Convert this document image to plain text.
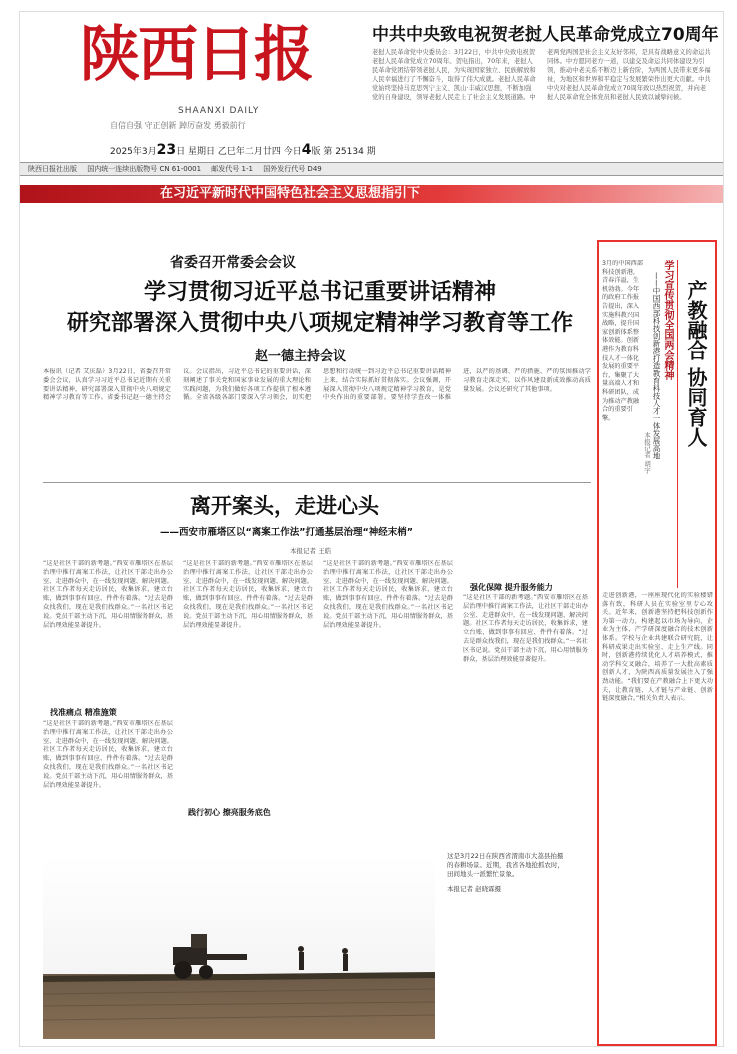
陕西日报
SHAANXI DAILY
自信自强 守正创新 踔厉奋发 勇毅前行
2025年3月23日 星期日 乙巳年二月廿四 今日4版 第 25134 期
中共中央致电祝贺老挝人民革命党成立70周年
老挝人民革命党中央委员会：3月22日，中共中央致电祝贺老挝人民革命党成立70周年。贺电指出，70年来，老挝人民革命党团结带领老挝人民，为实现国家独立、民族解放和人民幸福进行了不懈奋斗，取得了伟大成就。老挝人民革命党始终坚持马克思列宁主义、凯山·丰威汉思想，不断加强党的自身建设，领导老挝人民走上了社会主义发展道路。中老两党两国是社会主义友好邻邦，是具有战略意义的命运共同体。中方愿同老方一道，以建交及命运共同体建设为引领，推动中老关系不断迈上新台阶，为两国人民带来更多福祉，为地区和世界和平稳定与发展繁荣作出更大贡献。中共中央对老挝人民革命党成立70周年致以热烈祝贺，并向老挝人民革命党全体党员和老挝人民致以诚挚问候。
陕西日报社出版 国内统一连续出版物号 CN 61-0001 邮发代号 1-1 国外发行代号 D49
在习近平新时代中国特色社会主义思想指引下
省委召开常委会会议
学习贯彻习近平总书记重要讲话精神
研究部署深入贯彻中央八项规定精神学习教育等工作
赵一德主持会议
本报讯（记者 艾庆磊）3月22日，省委召开常委会会议，认真学习习近平总书记近期有关重要讲话精神，研究部署深入贯彻中央八项规定精神学习教育等工作。省委书记赵一德主持会议。会议指出，习近平总书记的重要讲话，深刻阐述了事关党和国家事业发展的重大理论和实践问题，为我们做好各项工作提供了根本遵循。全省各级各部门要深入学习领会，切实把思想和行动统一到习近平总书记重要讲话精神上来，结合实际抓好贯彻落实。会议强调，开展深入贯彻中央八项规定精神学习教育，是党中央作出的重要部署。要坚持学查改一体推进，以严的基调、严的措施、严的氛围推动学习教育走深走实，以作风建设新成效推动高质量发展。会议还研究了其他事项。
离开案头，走进心头
——西安市雁塔区以“离案工作法”打通基层治理“神经末梢”
本报记者 王皓
找准痛点 精准施策
践行初心 擦亮服务底色
强化保障 提升服务能力
“这是社区干部的新考题。”西安市雁塔区在基层治理中推行离案工作法，让社区干部走出办公室、走进群众中，在一线发现问题、解决问题。社区工作者每天走访居民，收集诉求，建立台账，做到事事有回应、件件有着落。“过去是群众找我们，现在是我们找群众。”一名社区书记说。党员干部主动下沉，用心用情服务群众，基层治理效能显著提升。
“这是社区干部的新考题。”西安市雁塔区在基层治理中推行离案工作法，让社区干部走出办公室、走进群众中，在一线发现问题、解决问题。社区工作者每天走访居民，收集诉求，建立台账，做到事事有回应、件件有着落。“过去是群众找我们，现在是我们找群众。”一名社区书记说。党员干部主动下沉，用心用情服务群众，基层治理效能显著提升。
“这是社区干部的新考题。”西安市雁塔区在基层治理中推行离案工作法，让社区干部走出办公室、走进群众中，在一线发现问题、解决问题。社区工作者每天走访居民，收集诉求，建立台账，做到事事有回应、件件有着落。“过去是群众找我们，现在是我们找群众。”一名社区书记说。党员干部主动下沉，用心用情服务群众，基层治理效能显著提升。
“这是社区干部的新考题。”西安市雁塔区在基层治理中推行离案工作法，让社区干部走出办公室、走进群众中，在一线发现问题、解决问题。社区工作者每天走访居民，收集诉求，建立台账，做到事事有回应、件件有着落。“过去是群众找我们，现在是我们找群众。”一名社区书记说。党员干部主动下沉，用心用情服务群众，基层治理效能显著提升。
“这是社区干部的新考题。”西安市雁塔区在基层治理中推行离案工作法，让社区干部走出办公室、走进群众中，在一线发现问题、解决问题。社区工作者每天走访居民，收集诉求，建立台账，做到事事有回应、件件有着落。“过去是群众找我们，现在是我们找群众。”一名社区书记说。党员干部主动下沉，用心用情服务群众，基层治理效能显著提升。
这是3月22日在陕西省渭南市大荔县拍摄的春耕场景。近期，我省各地抢抓农时，田间地头一派繁忙景象。
本报记者 赵晓霖摄
3月的中国西部科技创新港，青春洋溢，生机勃勃。今年的政府工作报告提出，深入实施科教兴国战略，提升国家创新体系整体效能。创新港作为教育科技人才一体化发展的重要平台，集聚了大量高端人才和科研团队，成为推动产教融合的重要引擎。
学习宣传贯彻全国两会精神 产教融合 协同育人
——中国西部科技创新港打造教育科技人才一体发展高地
本报记者 胡宇
走进创新港，一座座现代化的实验楼错落有致，科研人员在实验室里专心攻关。近年来，创新港坚持把科技创新作为第一动力，构建起以市场为导向、企业为主体、产学研深度融合的技术创新体系。学校与企业共建联合研究院，让科研成果走出实验室、走上生产线。同时，创新港持续优化人才培养模式，推动学科交叉融合，培养了一大批高素质创新人才，为陕西高质量发展注入了强劲动能。“我们要在产教融合上下更大功夫，让教育链、人才链与产业链、创新链深度融合。”相关负责人表示。
